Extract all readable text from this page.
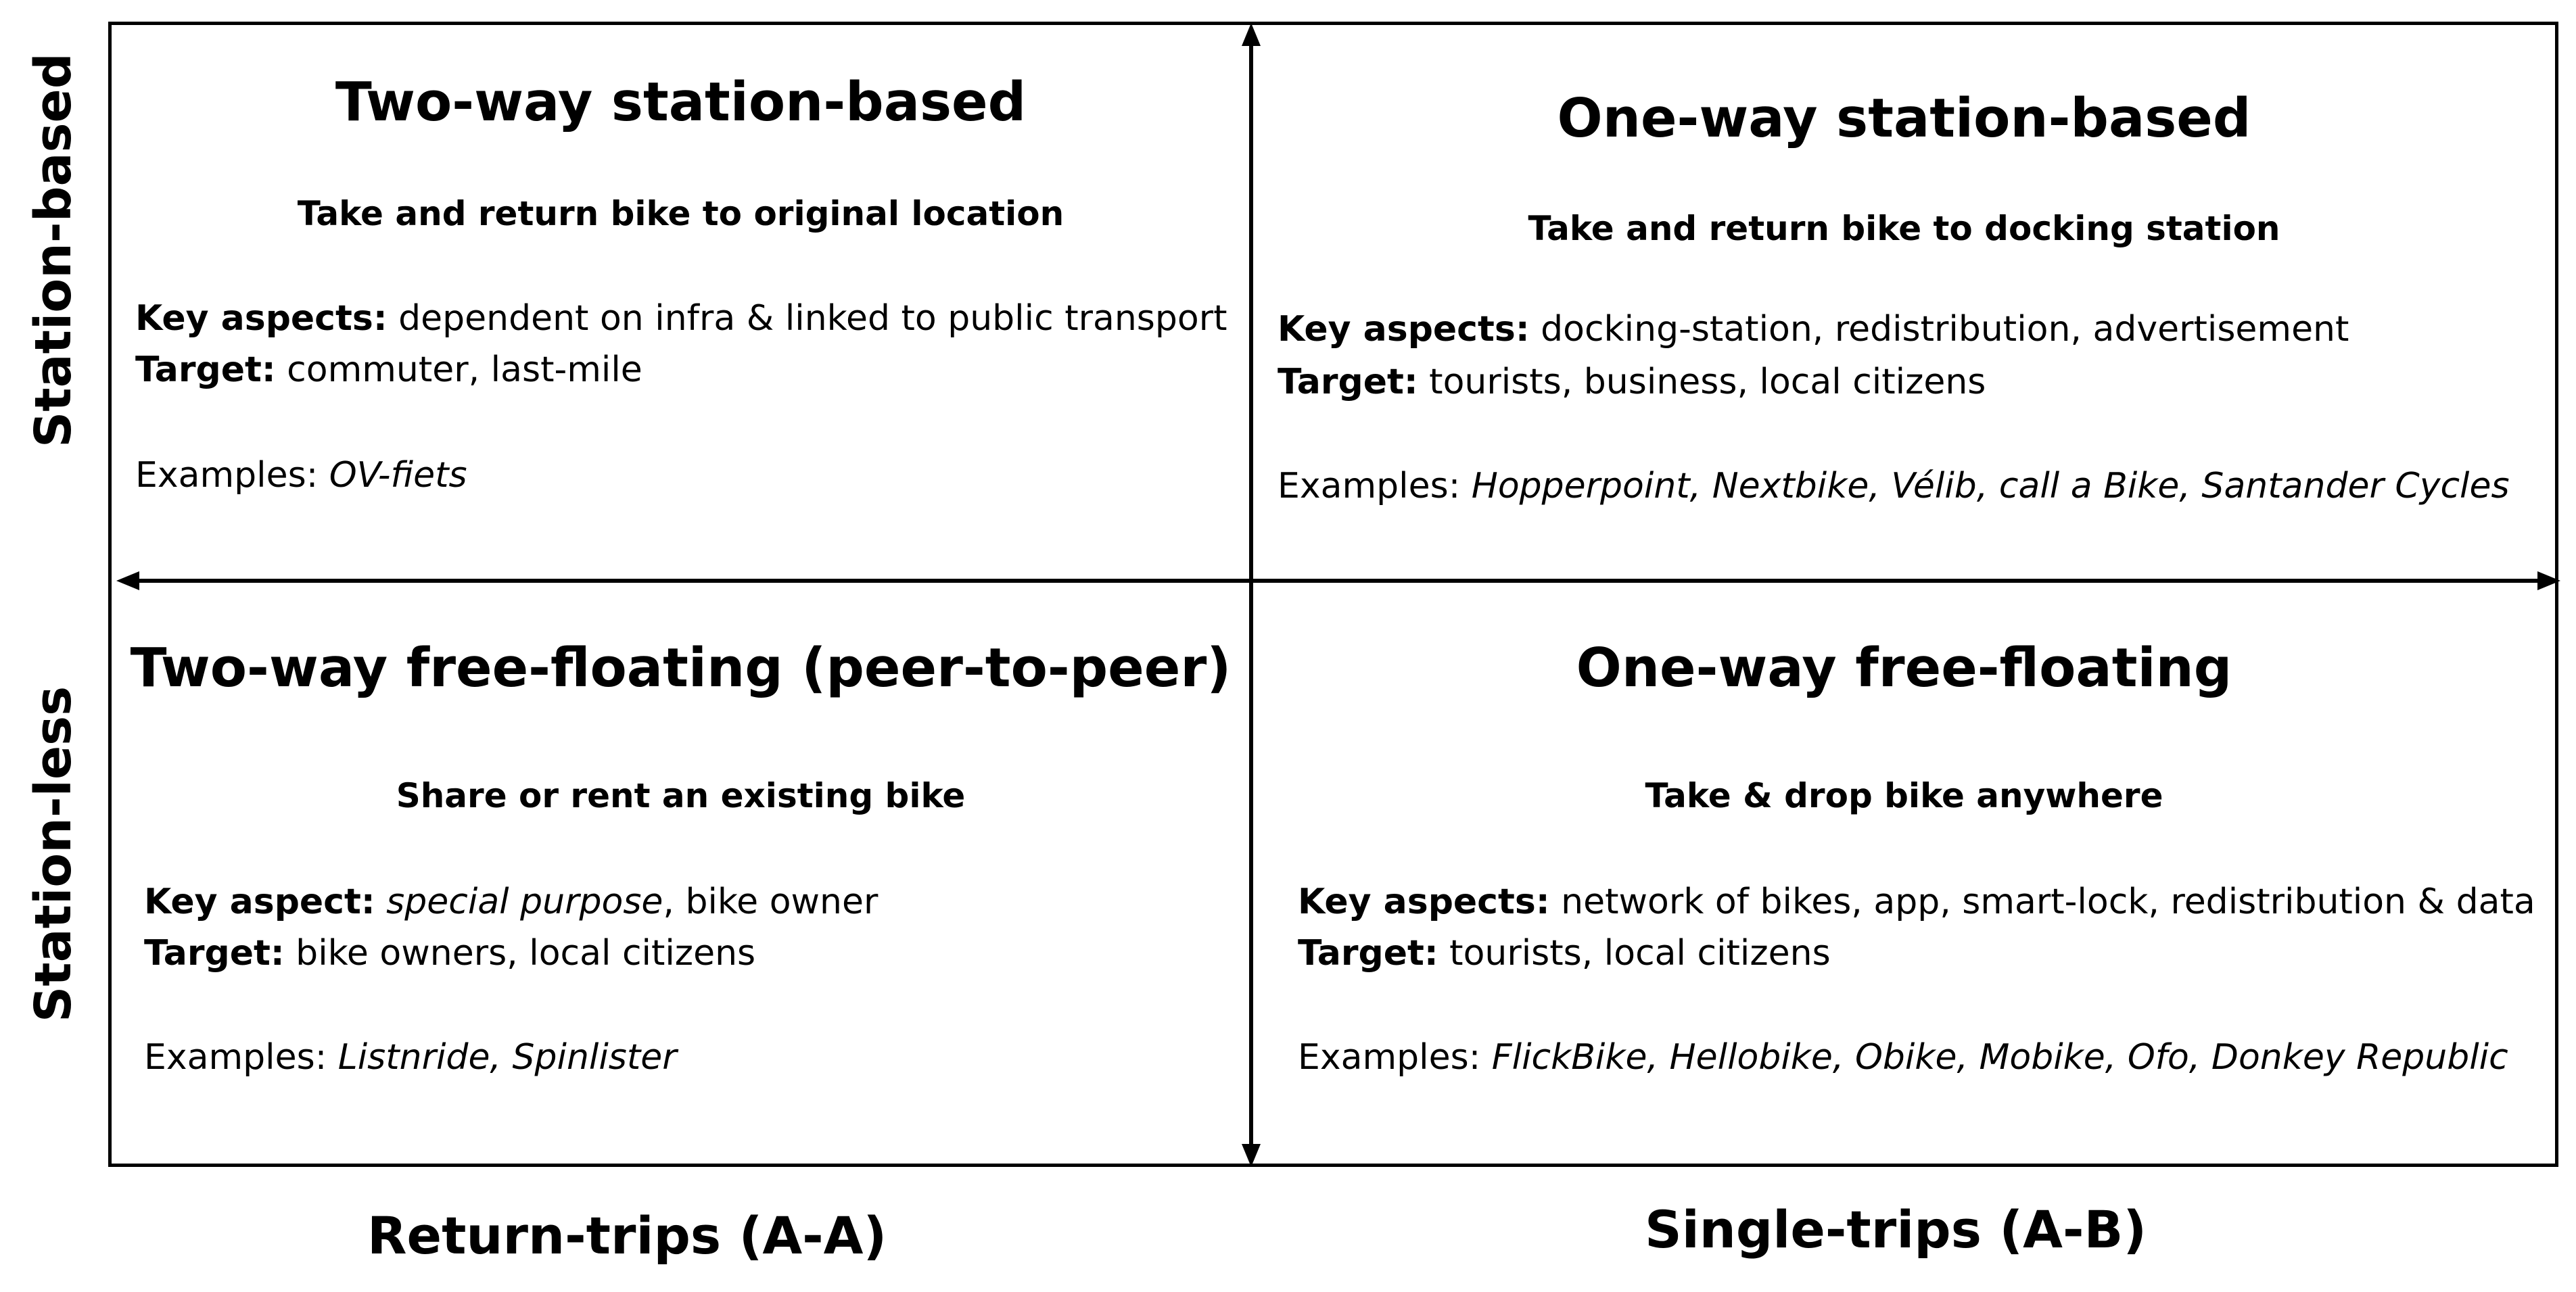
Two-way station-based
Take and return bike to original location
Key aspects: dependent on infra & linked to public transport
Target: commuter, last-mile
Examples: OV-fiets
One-way station-based
Take and return bike to docking station
Key aspects: docking-station, redistribution, advertisement
Target: tourists, business, local citizens
Examples: Hopperpoint, Nextbike, Vélib, call a Bike, Santander Cycles
Two-way free-floating (peer-to-peer)
Share or rent an existing bike
Key aspect: special purpose, bike owner
Target: bike owners, local citizens
Examples: Listnride, Spinlister
One-way free-floating
Take & drop bike anywhere
Key aspects: network of bikes, app, smart-lock, redistribution & data
Target: tourists, local citizens
Examples: FlickBike, Hellobike, Obike, Mobike, Ofo, Donkey Republic
Station-based
Station-less
Return-trips (A-A)	Single-trips (A-B)
